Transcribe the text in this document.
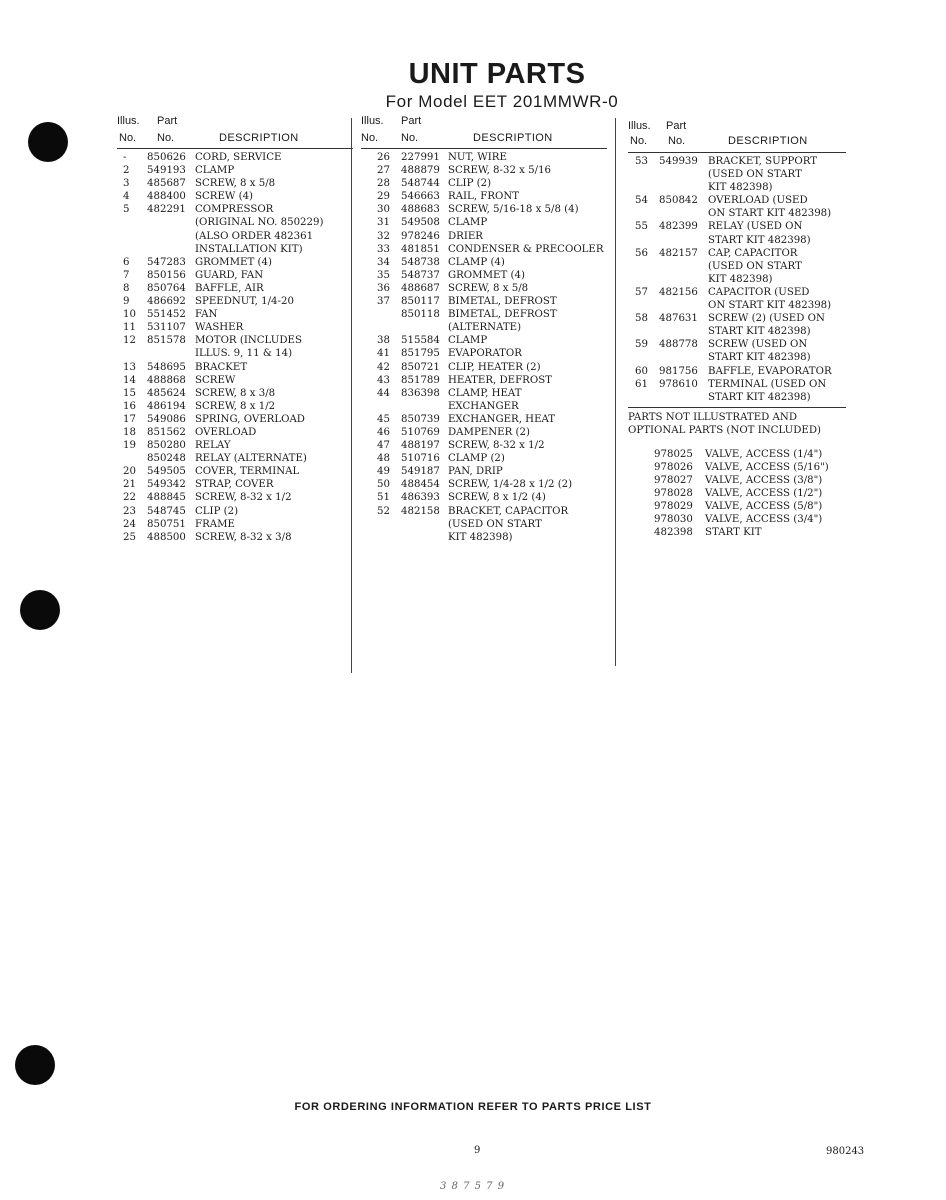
UNIT PARTS
For Model EET 201MMWR-0
Illus. Part
No. No.	DESCRIPTION
- 850626 CORD, SERVICE
2 549193 CLAMP
3 485687 SCREW, 8 x 5/8
4 488400 SCREW (4)
5 482291 COMPRESSOR
(ORIGINAL NO. 850229)
(ALSO ORDER 482361
INSTALLATION KIT)
6 547283 GROMMET (4)
7 850156 GUARD, FAN
8 850764 BAFFLE, AIR
9 486692 SPEEDNUT, 1/4-20
10 551452 FAN
11 531107 WASHER
12 851578 MOTOR (INCLUDES
ILLUS. 9, 11 & 14)
13 548695 BRACKET
14 488868 SCREW
15 485624 SCREW, 8 x 3/8
16 486194 SCREW, 8 x 1/2
17 549086 SPRING, OVERLOAD
18 851562 OVERLOAD
19 850280 RELAY
850248 RELAY (ALTERNATE)
20 549505 COVER, TERMINAL
21 549342 STRAP, COVER
22 488845 SCREW, 8-32 x 1/2
23 548745 CLIP (2)
24 850751 FRAME
25 488500 SCREW, 8-32 x 3/8
Illus. Part
No. No.	DESCRIPTION
26 227991 NUT, WIRE
27 488879 SCREW, 8-32 x 5/16
28 548744 CLIP (2)
29 546663 RAIL, FRONT
30 488683 SCREW, 5/16-18 x 5/8 (4)
31 549508 CLAMP
32 978246 DRIER
33 481851 CONDENSER & PRECOOLER
34 548738 CLAMP (4)
35 548737 GROMMET (4)
36 488687 SCREW, 8 x 5/8
37 850117 BIMETAL, DEFROST
850118 BIMETAL, DEFROST
(ALTERNATE)
38 515584 CLAMP
41 851795 EVAPORATOR
42 850721 CLIP, HEATER (2)
43 851789 HEATER, DEFROST
44 836398 CLAMP, HEAT
EXCHANGER
45 850739 EXCHANGER, HEAT
46 510769 DAMPENER (2)
47 488197 SCREW, 8-32 x 1/2
48 510716 CLAMP (2)
49 549187 PAN, DRIP
50 488454 SCREW, 1/4-28 x 1/2 (2)
51 486393 SCREW, 8 x 1/2 (4)
52 482158 BRACKET, CAPACITOR
(USED ON START
KIT 482398)
Illus. Part
No. No.	DESCRIPTION
53 549939 BRACKET, SUPPORT
(USED ON START
KIT 482398)
54 850842 OVERLOAD (USED
ON START KIT 482398)
55 482399 RELAY (USED ON
START KIT 482398)
56 482157 CAP, CAPACITOR
(USED ON START
KIT 482398)
57 482156 CAPACITOR (USED
ON START KIT 482398)
58 487631 SCREW (2) (USED ON
START KIT 482398)
59 488778 SCREW (USED ON
START KIT 482398)
60 981756 BAFFLE, EVAPORATOR
61 978610 TERMINAL (USED ON
START KIT 482398)
PARTS NOT ILLUSTRATED AND
OPTIONAL PARTS (NOT INCLUDED)
978025 VALVE, ACCESS (1/4")
978026 VALVE, ACCESS (5/16")
978027 VALVE, ACCESS (3/8")
978028 VALVE, ACCESS (1/2")
978029 VALVE, ACCESS (5/8")
978030 VALVE, ACCESS (3/4")
482398 START KIT
FOR ORDERING INFORMATION REFER TO PARTS PRICE LIST
9	980243
3 8 7 5 7 9
